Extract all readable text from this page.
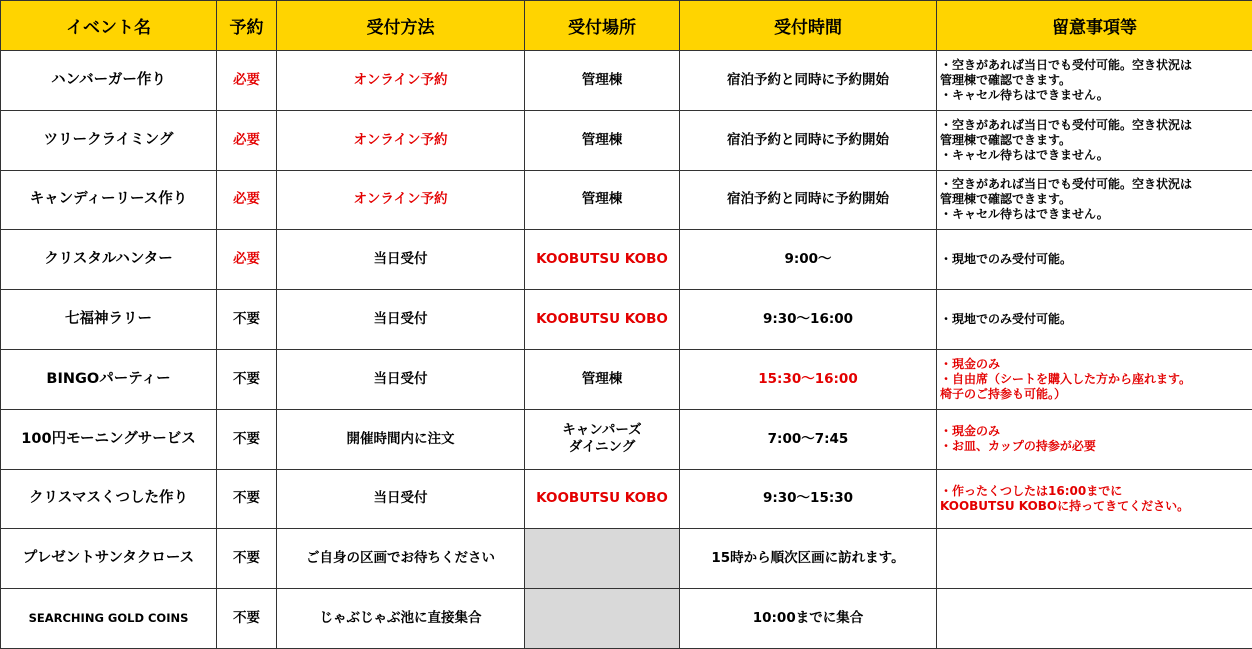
イベント名	予約	受付方法	受付場所	受付時間	留意事項等
ハンバーガー作り	必要	オンライン予約	管理棟	宿泊予約と同時に予約開始	・空きがあれば当日でも受付可能。空き状況は
管理棟で確認できます。
・キャセル待ちはできません。

ツリークライミング	必要	オンライン予約	管理棟	宿泊予約と同時に予約開始	・空きがあれば当日でも受付可能。空き状況は
管理棟で確認できます。
・キャセル待ちはできません。

キャンディーリース作り	必要	オンライン予約	管理棟	宿泊予約と同時に予約開始	・空きがあれば当日でも受付可能。空き状況は
管理棟で確認できます。
・キャセル待ちはできません。

クリスタルハンター	必要	当日受付	KOOBUTSU KOBO	9:00〜	・現地でのみ受付可能。

七福神ラリー	不要	当日受付	KOOBUTSU KOBO	9:30〜16:00	・現地でのみ受付可能。

BINGOパーティー	不要	当日受付	管理棟	15:30〜16:00	・現金のみ
・自由席（シートを購入した方から座れます。
椅子のご持参も可能。）

100円モーニングサービス	不要	開催時間内に注文	キャンパーズ
ダイニング	7:00〜7:45	・現金のみ
・お皿、カップの持参が必要

クリスマスくつした作り	不要	当日受付	KOOBUTSU KOBO	9:30〜15:30	・作ったくつしたは16:00までに
KOOBUTSU KOBOに持ってきてください。

プレゼントサンタクロース	不要	ご自身の区画でお待ちください		15時から順次区画に訪れます。	
SEARCHING GOLD COINS	不要	じゃぶじゃぶ池に直接集合		10:00までに集合	
